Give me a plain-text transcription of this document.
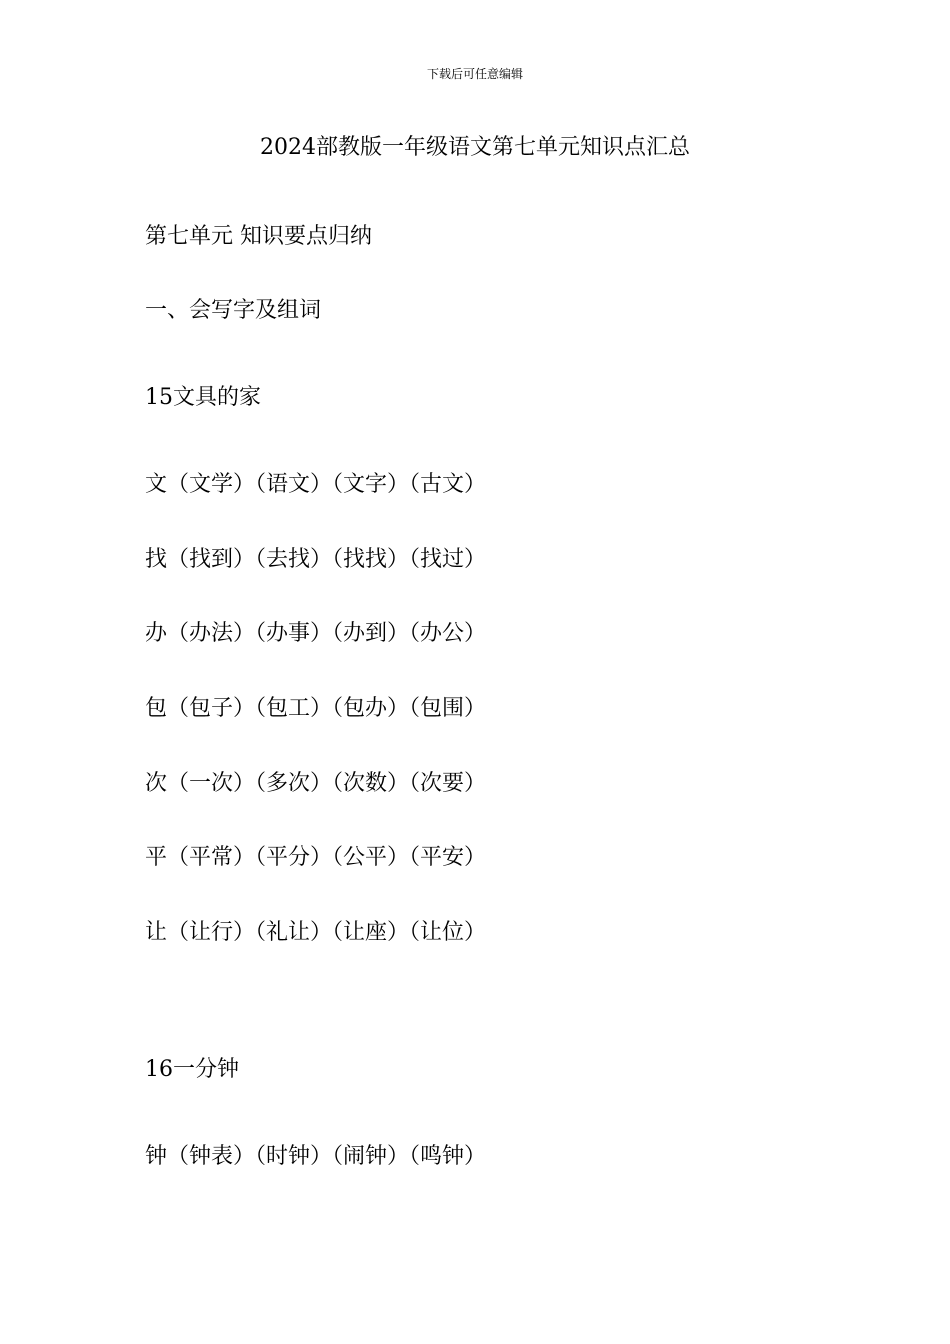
下载后可任意编辑
2024部教版一年级语文第七单元知识点汇总
第七单元 知识要点归纳
一、会写字及组词
15文具的家
文（文学）（语文）（文字）（古文）
找（找到）（去找）（找找）（找过）
办（办法）（办事）（办到）（办公）
包（包子）（包工）（包办）（包围）
次（一次）（多次）（次数）（次要）
平（平常）（平分）（公平）（平安）
让（让行）（礼让）（让座）（让位）
16一分钟
钟（钟表）（时钟）（闹钟）（鸣钟）
